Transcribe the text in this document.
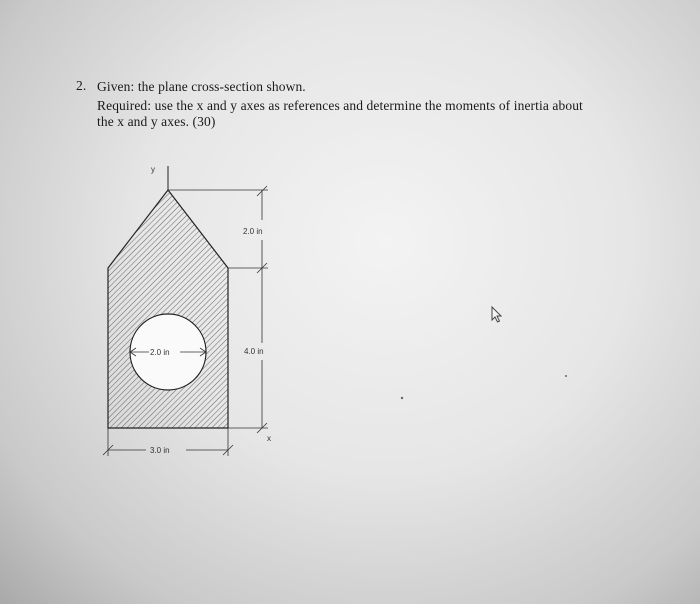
2. Given: the plane cross-section shown.
Required: use the x and y axes as references and determine the moments of inertia about
the x and y axes. (30)
y
2.0 in
4.0 in
2.0 in
x
3.0 in
